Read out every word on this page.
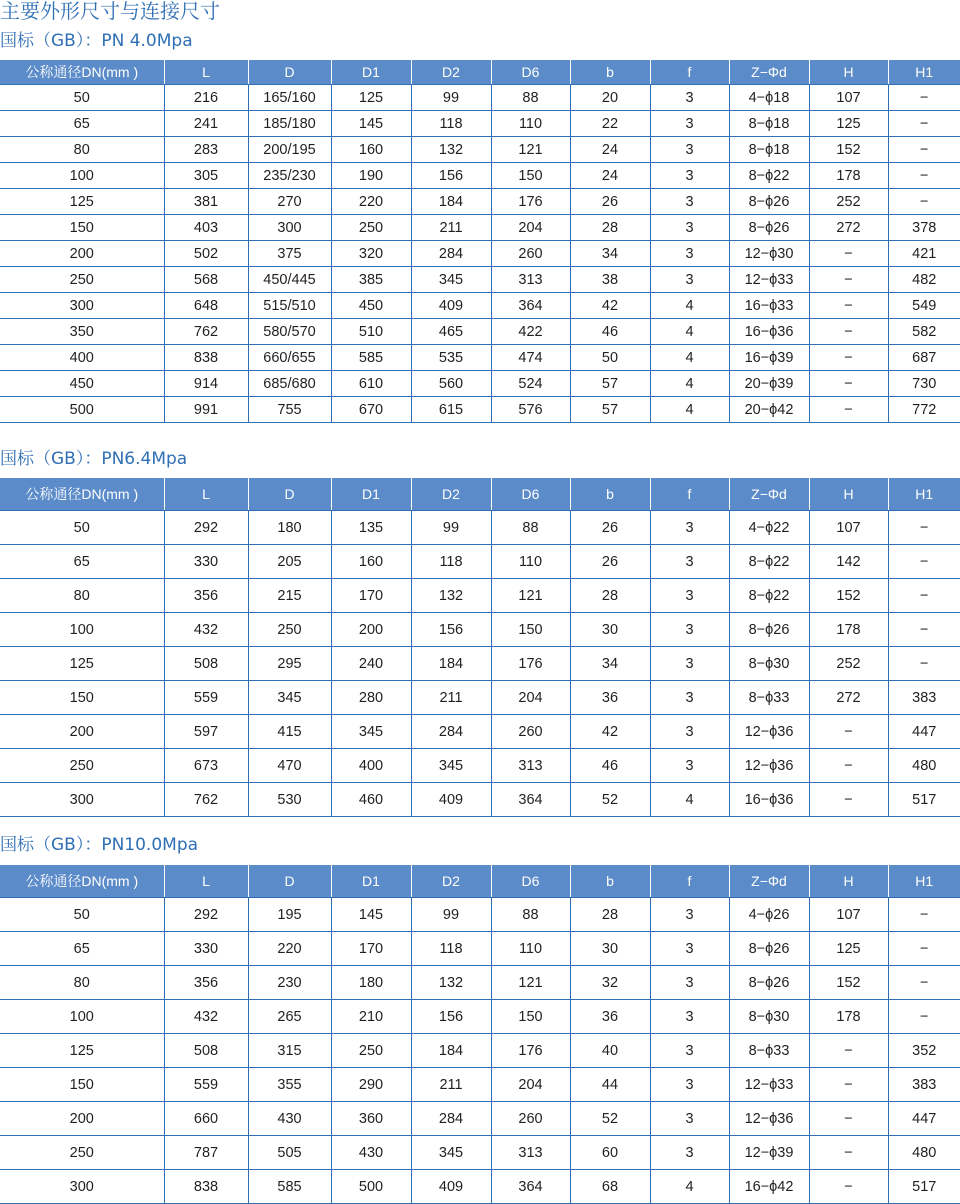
主要外形尺寸与连接尺寸
国标（GB）：PN 4.0Mpa
公称通径DN(mm )	L	D	D1	D2	D6	b	f	Z−Φd	H	H1
50	216	165/160	125	99	88	20	3	4−ϕ18	107	−
65	241	185/180	145	118	110	22	3	8−ϕ18	125	−
80	283	200/195	160	132	121	24	3	8−ϕ18	152	−
100	305	235/230	190	156	150	24	3	8−ϕ22	178	−
125	381	270	220	184	176	26	3	8−ϕ26	252	−
150	403	300	250	211	204	28	3	8−ϕ26	272	378
200	502	375	320	284	260	34	3	12−ϕ30	−	421
250	568	450/445	385	345	313	38	3	12−ϕ33	−	482
300	648	515/510	450	409	364	42	4	16−ϕ33	−	549
350	762	580/570	510	465	422	46	4	16−ϕ36	−	582
400	838	660/655	585	535	474	50	4	16−ϕ39	−	687
450	914	685/680	610	560	524	57	4	20−ϕ39	−	730
500	991	755	670	615	576	57	4	20−ϕ42	−	772
国标（GB）：PN6.4Mpa
公称通径DN(mm )	L	D	D1	D2	D6	b	f	Z−Φd	H	H1
50	292	180	135	99	88	26	3	4−ϕ22	107	−
65	330	205	160	118	110	26	3	8−ϕ22	142	−
80	356	215	170	132	121	28	3	8−ϕ22	152	−
100	432	250	200	156	150	30	3	8−ϕ26	178	−
125	508	295	240	184	176	34	3	8−ϕ30	252	−
150	559	345	280	211	204	36	3	8−ϕ33	272	383
200	597	415	345	284	260	42	3	12−ϕ36	−	447
250	673	470	400	345	313	46	3	12−ϕ36	−	480
300	762	530	460	409	364	52	4	16−ϕ36	−	517
国标（GB）：PN10.0Mpa
公称通径DN(mm )	L	D	D1	D2	D6	b	f	Z−Φd	H	H1
50	292	195	145	99	88	28	3	4−ϕ26	107	−
65	330	220	170	118	110	30	3	8−ϕ26	125	−
80	356	230	180	132	121	32	3	8−ϕ26	152	−
100	432	265	210	156	150	36	3	8−ϕ30	178	−
125	508	315	250	184	176	40	3	8−ϕ33	−	352
150	559	355	290	211	204	44	3	12−ϕ33	−	383
200	660	430	360	284	260	52	3	12−ϕ36	−	447
250	787	505	430	345	313	60	3	12−ϕ39	−	480
300	838	585	500	409	364	68	4	16−ϕ42	−	517
